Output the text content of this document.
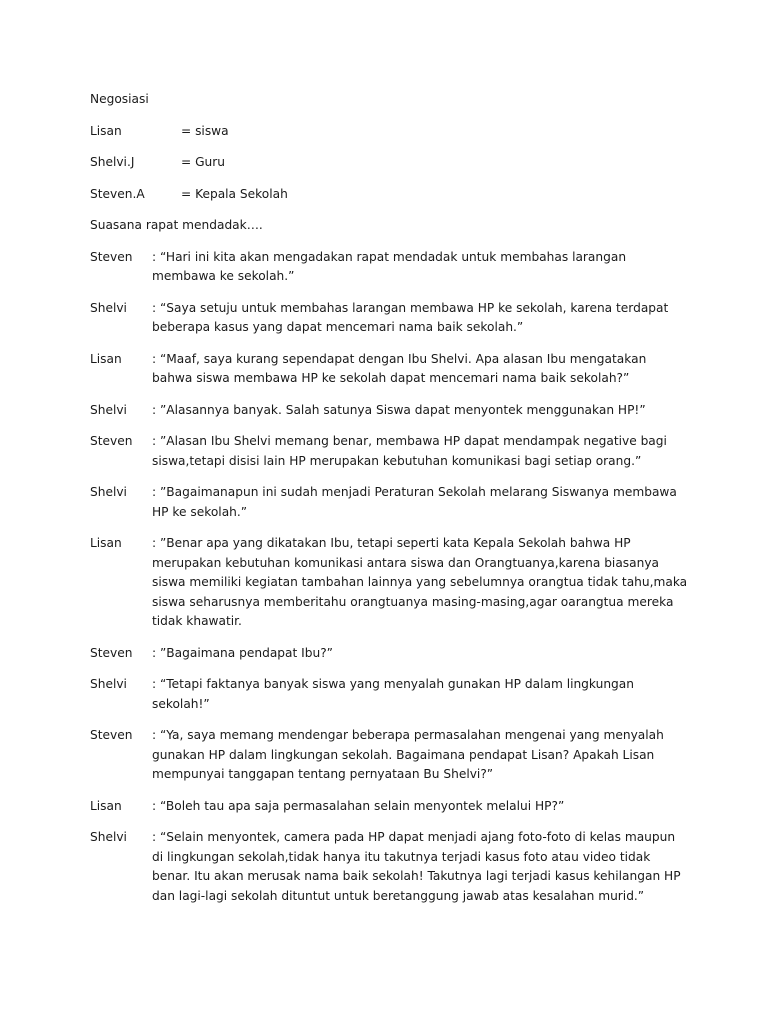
Negosiasi

Lisan	= siswa
Shelvi.J	= Guru
Steven.A	= Kepala Sekolah

Suasana rapat mendadak….

Steven	: “Hari ini kita akan mengadakan rapat mendadak untuk membahas larangan membawa ke sekolah.”
Shelvi	: “Saya setuju untuk membahas larangan membawa HP ke sekolah, karena terdapat beberapa kasus yang dapat mencemari nama baik sekolah.”
Lisan	: “Maaf, saya kurang sependapat dengan Ibu Shelvi. Apa alasan Ibu mengatakan bahwa siswa membawa HP ke sekolah dapat mencemari nama baik sekolah?”
Shelvi	: ”Alasannya banyak. Salah satunya Siswa dapat menyontek menggunakan HP!”
Steven	: ”Alasan Ibu Shelvi memang benar, membawa HP dapat mendampak negative bagi siswa,tetapi disisi lain HP merupakan kebutuhan komunikasi bagi setiap orang.”
Shelvi	: ”Bagaimanapun ini sudah menjadi Peraturan Sekolah melarang Siswanya membawa HP ke sekolah.”
Lisan	: ”Benar apa yang dikatakan Ibu, tetapi seperti kata Kepala Sekolah bahwa HP merupakan kebutuhan komunikasi antara siswa dan Orangtuanya,karena biasanya siswa memiliki kegiatan tambahan lainnya yang sebelumnya orangtua tidak tahu,maka siswa seharusnya memberitahu orangtuanya masing-masing,agar oarangtua mereka tidak khawatir.
Steven	: ”Bagaimana pendapat Ibu?”
Shelvi	: “Tetapi faktanya banyak siswa yang menyalah gunakan HP dalam lingkungan sekolah!”
Steven	: “Ya, saya memang mendengar beberapa permasalahan mengenai yang menyalah gunakan HP dalam lingkungan sekolah. Bagaimana pendapat Lisan? Apakah Lisan mempunyai tanggapan tentang pernyataan Bu Shelvi?”
Lisan	: “Boleh tau apa saja permasalahan selain menyontek melalui HP?”
Shelvi	: “Selain menyontek, camera pada HP dapat menjadi ajang foto-foto di kelas maupun di lingkungan sekolah,tidak hanya itu takutnya terjadi kasus foto atau video tidak benar. Itu akan merusak nama baik sekolah! Takutnya lagi terjadi kasus kehilangan HP dan lagi-lagi sekolah dituntut untuk beretanggung jawab atas kesalahan murid.”
